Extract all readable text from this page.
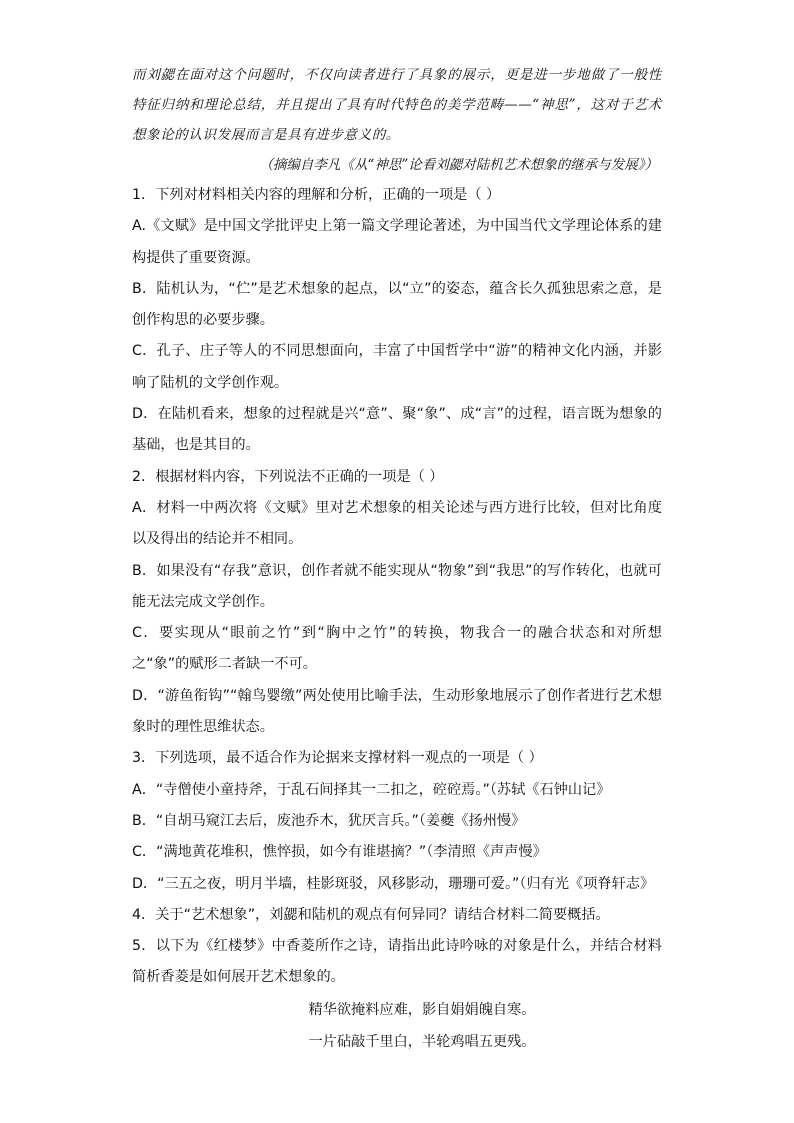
而刘勰在面对这个问题时，不仅向读者进行了具象的展示，更是进一步地做了一般性特征归纳和理论总结，并且提出了具有时代特色的美学范畴——“神思”，这对于艺术想象论的认识发展而言是具有进步意义的。

（摘编自李凡《从“神思”论看刘勰对陆机艺术想象的继承与发展》）

1．下列对材料相关内容的理解和分析，正确的一项是（ ）

A.《文赋》是中国文学批评史上第一篇文学理论著述，为中国当代文学理论体系的建构提供了重要资源。

B．陆机认为，“伫”是艺术想象的起点，以“立”的姿态，蕴含长久孤独思索之意，是创作构思的必要步骤。

C．孔子、庄子等人的不同思想面向，丰富了中国哲学中“游”的精神文化内涵，并影响了陆机的文学创作观。

D．在陆机看来，想象的过程就是兴“意”、聚“象”、成“言”的过程，语言既为想象的基础，也是其目的。

2．根据材料内容，下列说法不正确的一项是（ ）

A．材料一中两次将《文赋》里对艺术想象的相关论述与西方进行比较，但对比角度以及得出的结论并不相同。

B．如果没有“存我”意识，创作者就不能实现从“物象”到“我思”的写作转化，也就可能无法完成文学创作。

C．要实现从“眼前之竹”到“胸中之竹”的转换，物我合一的融合状态和对所想之“象”的赋形二者缺一不可。

D．“游鱼衔钩”“翰鸟婴缴”两处使用比喻手法，生动形象地展示了创作者进行艺术想象时的理性思维状态。

3．下列选项，最不适合作为论据来支撑材料一观点的一项是（ ）

A．“寺僧使小童持斧，于乱石间择其一二扣之，硿硿焉。”（苏轼《石钟山记》

B．“自胡马窥江去后，废池乔木，犹厌言兵。”（姜夔《扬州慢》

C．“满地黄花堆积，憔悴损，如今有谁堪摘？”（李清照《声声慢》

D．“三五之夜，明月半墙，桂影斑驳，风移影动，珊珊可爱。”（归有光《项脊轩志》

4．关于“艺术想象”，刘勰和陆机的观点有何异同？请结合材料二简要概括。

5．以下为《红楼梦》中香菱所作之诗，请指出此诗吟咏的对象是什么，并结合材料简析香菱是如何展开艺术想象的。

精华欲掩料应难，影自娟娟魄自寒。

一片砧敲千里白，半轮鸡唱五更残。
